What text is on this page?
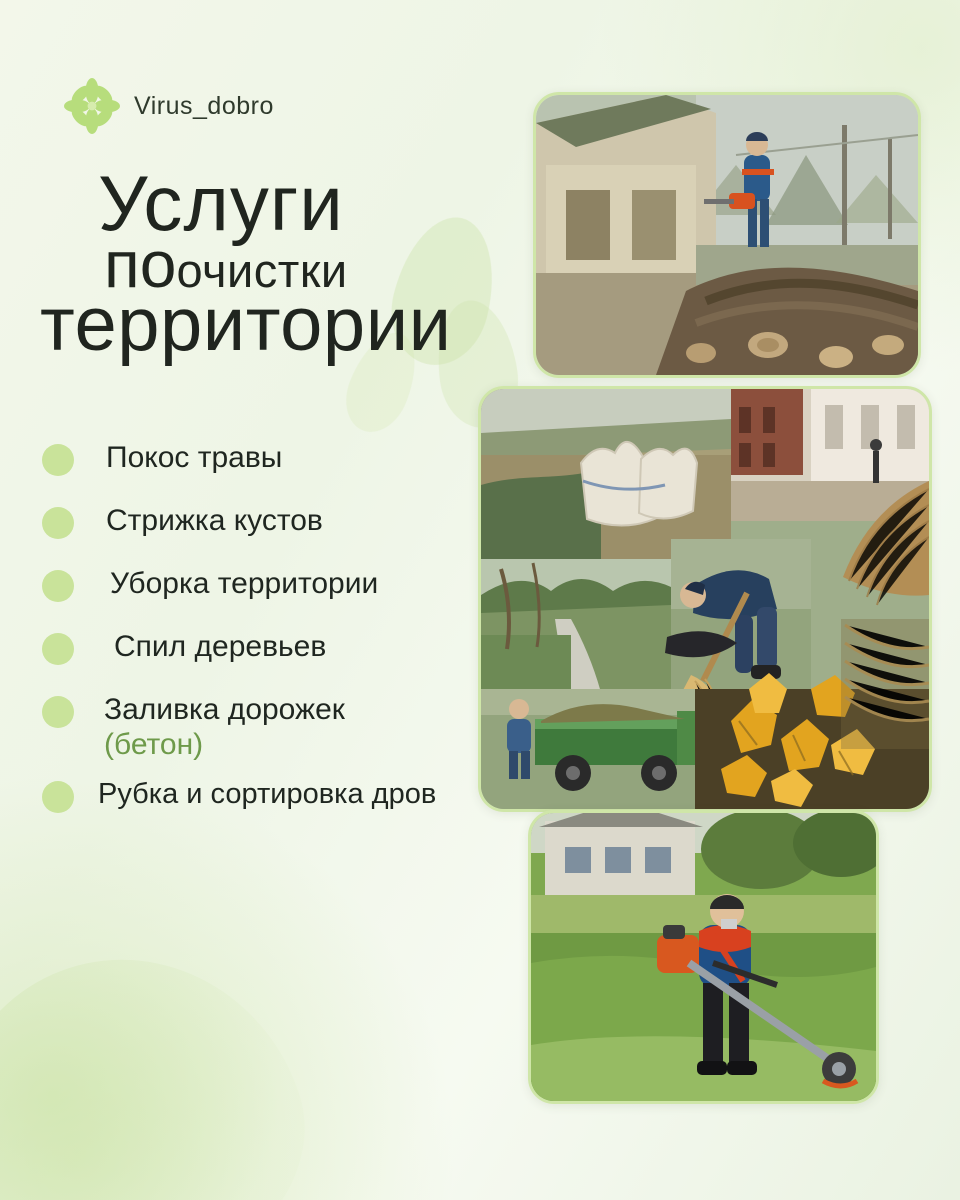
Virus_dobro
Услуги
поочистки
территории
Покос травы
Стрижка кустов
Уборка территории
Спил деревьев
Заливка дорожек
(бетон)
Рубка и сортировка дров
